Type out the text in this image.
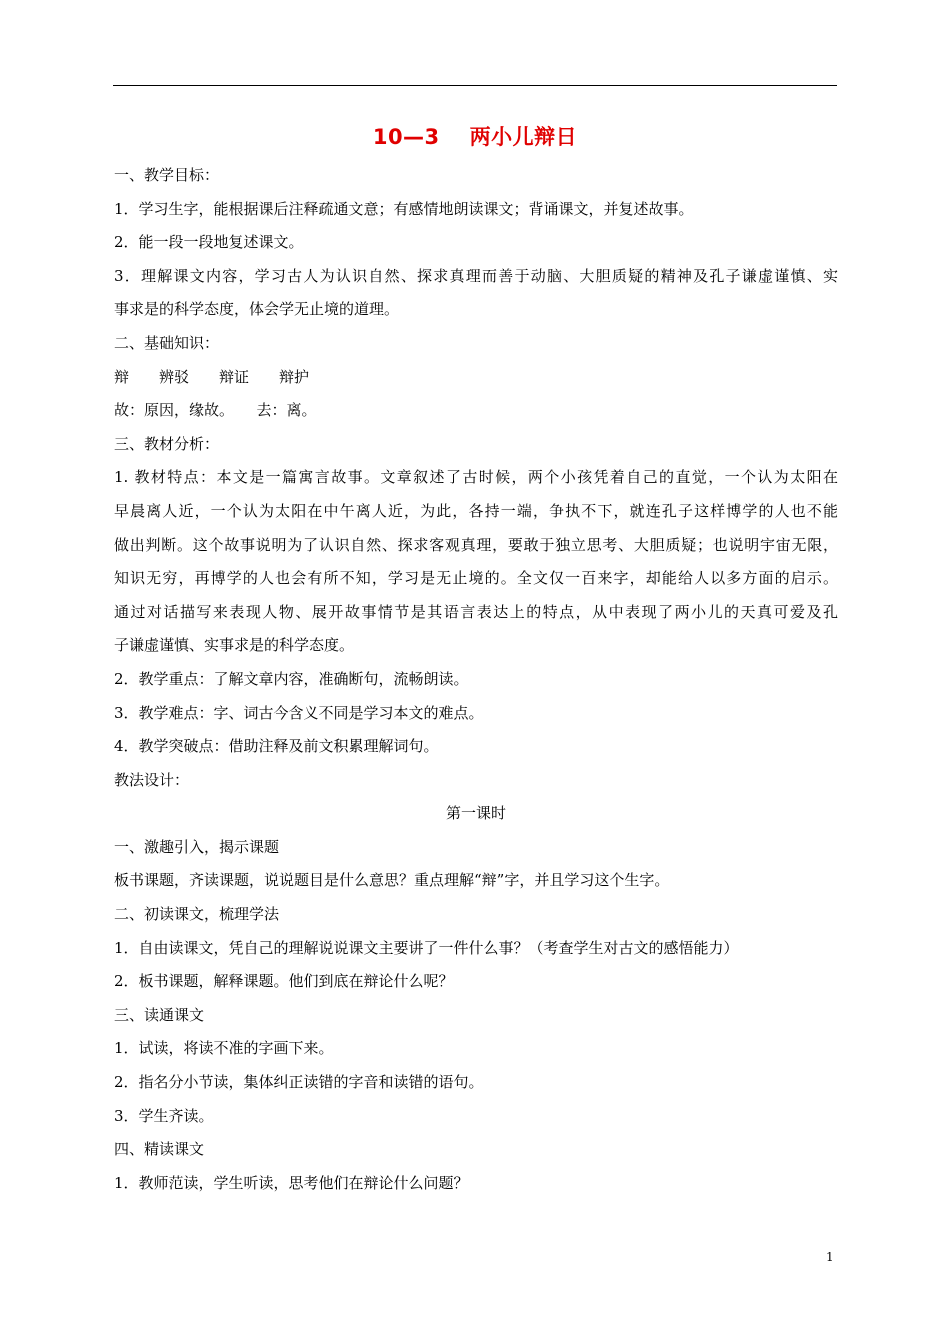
10—3 两小儿辩日
一、教学目标：
1．学习生字，能根据课后注释疏通文意；有感情地朗读课文；背诵课文，并复述故事。
2．能一段一段地复述课文。
3．理解课文内容，学习古人为认识自然、探求真理而善于动脑、大胆质疑的精神及孔子谦虚谨慎、实
事求是的科学态度，体会学无止境的道理。
二、基础知识：
辩　　辨驳　　辩证　　辩护
故：原因，缘故。　　去：离。
三、教材分析：
1. 教材特点：本文是一篇寓言故事。文章叙述了古时候，两个小孩凭着自己的直觉，一个认为太阳在
早晨离人近，一个认为太阳在中午离人近，为此，各持一端，争执不下，就连孔子这样博学的人也不能
做出判断。这个故事说明为了认识自然、探求客观真理，要敢于独立思考、大胆质疑；也说明宇宙无限，
知识无穷，再博学的人也会有所不知，学习是无止境的。全文仅一百来字，却能给人以多方面的启示。
通过对话描写来表现人物、展开故事情节是其语言表达上的特点，从中表现了两小儿的天真可爱及孔
子谦虚谨慎、实事求是的科学态度。
2．教学重点：了解文章内容，准确断句，流畅朗读。
3．教学难点：字、词古今含义不同是学习本文的难点。
4．教学突破点：借助注释及前文积累理解词句。
教法设计：
第一课时
一、激趣引入，揭示课题
板书课题，齐读课题，说说题目是什么意思？重点理解“辩”字，并且学习这个生字。
二、初读课文，梳理学法
1．自由读课文，凭自己的理解说说课文主要讲了一件什么事？（考查学生对古文的感悟能力）
2．板书课题，解释课题。他们到底在辩论什么呢？
三、读通课文
1．试读，将读不准的字画下来。
2．指名分小节读，集体纠正读错的字音和读错的语句。
3．学生齐读。
四、精读课文
1．教师范读，学生听读，思考他们在辩论什么问题？
1
